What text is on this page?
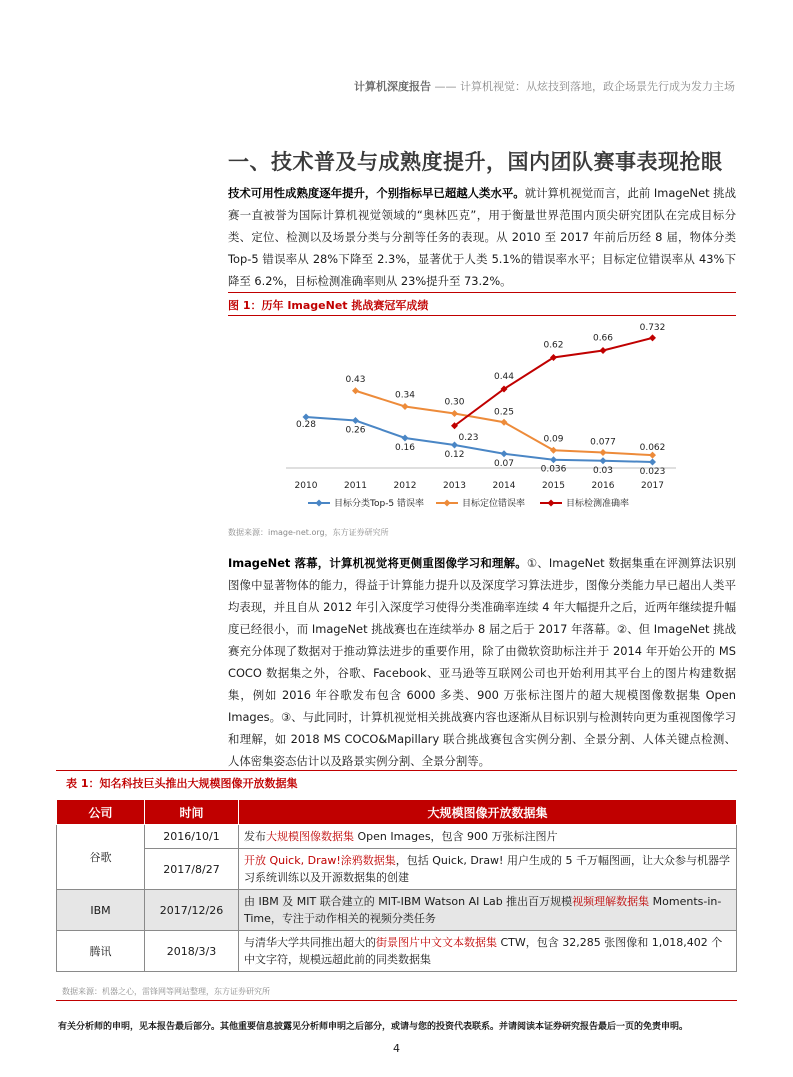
计算机深度报告 —— 计算机视觉：从炫技到落地，政企场景先行成为发力主场
一、技术普及与成熟度提升，国内团队赛事表现抢眼
技术可用性成熟度逐年提升，个别指标早已超越人类水平。就计算机视觉而言，此前 ImageNet 挑战赛一直被誉为国际计算机视觉领域的“奥林匹克”，用于衡量世界范围内顶尖研究团队在完成目标分类、定位、检测以及场景分类与分割等任务的表现。从 2010 至 2017 年前后历经 8 届，物体分类 Top-5 错误率从 28%下降至 2.3%，显著优于人类 5.1%的错误率水平；目标定位错误率从 43%下降至 6.2%，目标检测准确率则从 23%提升至 73.2%。
图 1：历年 ImageNet 挑战赛冠军成绩
2010	2011	2012	2013	2014	2015	2016	2017
0.28
0.26
0.16
0.12
0.07
0.036	0.03	0.023
0.43
0.34
0.30
0.25
0.09	0.077
0.062
0.23
0.44
0.62
0.66
0.732
目标分类Top-5 错误率	目标定位错误率	目标检测准确率
数据来源：image-net.org，东方证券研究所
ImageNet 落幕，计算机视觉将更侧重图像学习和理解。①、ImageNet 数据集重在评测算法识别图像中显著物体的能力，得益于计算能力提升以及深度学习算法进步，图像分类能力早已超出人类平均表现，并且自从 2012 年引入深度学习使得分类准确率连续 4 年大幅提升之后，近两年继续提升幅度已经很小，而 ImageNet 挑战赛也在连续举办 8 届之后于 2017 年落幕。②、但 ImageNet 挑战赛充分体现了数据对于推动算法进步的重要作用，除了由微软资助标注并于 2014 年开始公开的 MS COCO 数据集之外，谷歌、Facebook、亚马逊等互联网公司也开始利用其平台上的图片构建数据集，例如 2016 年谷歌发布包含 6000 多类、900 万张标注图片的超大规模图像数据集 Open Images。③、与此同时，计算机视觉相关挑战赛内容也逐渐从目标识别与检测转向更为重视图像学习和理解，如 2018 MS COCO&Mapillary 联合挑战赛包含实例分割、全景分割、人体关键点检测、人体密集姿态估计以及路景实例分割、全景分割等。
表 1：知名科技巨头推出大规模图像开放数据集
公司	时间	大规模图像开放数据集
谷歌	2016/10/1	发布大规模图像数据集 Open Images，包含 900 万张标注图片
	2017/8/27	开放 Quick, Draw!涂鸦数据集，包括 Quick, Draw! 用户生成的 5 千万幅图画，让大众参与机器学习系统训练以及开源数据集的创建
IBM	2017/12/26	由 IBM 及 MIT 联合建立的 MIT-IBM Watson AI Lab 推出百万规模视频理解数据集 Moments-in-Time，专注于动作相关的视频分类任务
腾讯	2018/3/3	与清华大学共同推出超大的街景图片中文文本数据集 CTW，包含 32,285 张图像和 1,018,402 个中文字符，规模远超此前的同类数据集
数据来源：机器之心，雷锋网等网站整理，东方证券研究所
有关分析师的申明，见本报告最后部分。其他重要信息披露见分析师申明之后部分，或请与您的投资代表联系。并请阅读本证券研究报告最后一页的免责申明。
4
